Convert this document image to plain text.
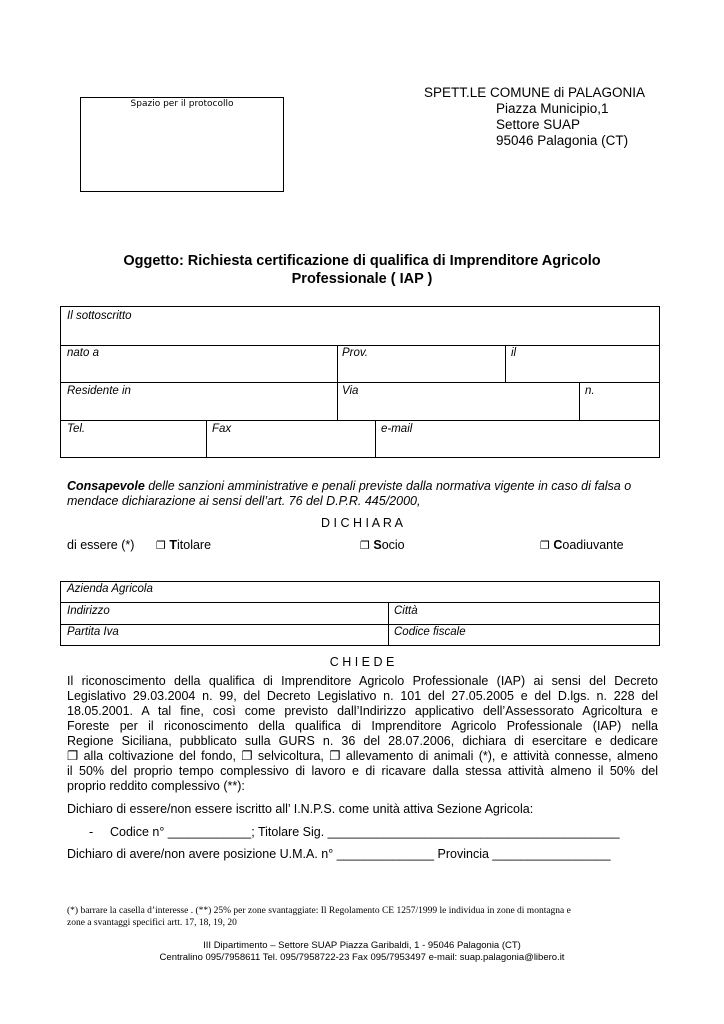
Spazio per il protocollo
SPETT.LE COMUNE di PALAGONIA
Piazza Municipio,1
Settore SUAP
95046 Palagonia (CT)
Oggetto: Richiesta certificazione di qualifica di Imprenditore Agricolo
Professionale ( IAP )
Il sottoscritto
nato a	Prov.	il
Residente in	Via	n.
Tel.	Fax	e-mail
Consapevole delle sanzioni amministrative e penali previste dalla normativa vigente in caso di falsa o
mendace dichiarazione ai sensi dell’art. 76 del D.P.R. 445/2000,
D I C H I A R A
di essere (*) ❐ Titolare	❐ Socio	❐ Coadiuvante
Azienda Agricola
Indirizzo	Città
Partita Iva	Codice fiscale
C H I E D E
Il riconoscimento della qualifica di Imprenditore Agricolo Professionale (IAP) ai sensi del Decreto
Legislativo 29.03.2004 n. 99, del Decreto Legislativo n. 101 del 27.05.2005 e del D.lgs. n. 228 del
18.05.2001. A tal fine, così come previsto dall’Indirizzo applicativo dell’Assessorato Agricoltura e
Foreste per il riconoscimento della qualifica di Imprenditore Agricolo Professionale (IAP) nella
Regione Siciliana, pubblicato sulla GURS n. 36 del 28.07.2006, dichiara di esercitare e dedicare
❐ alla coltivazione del fondo, ❐ selvicoltura, ❐ allevamento di animali (*), e attività connesse, almeno
il 50% del proprio tempo complessivo di lavoro e di ricavare dalla stessa attività almeno il 50% del
proprio reddito complessivo (**):
Dichiaro di essere/non essere iscritto all’ I.N.P.S. come unità attiva Sezione Agricola:
- Codice n° ____________; Titolare Sig. __________________________________________
Dichiaro di avere/non avere posizione U.M.A. n° ______________ Provincia _________________
(*) barrare la casella d’interesse . (**) 25% per zone svantaggiate: Il Regolamento CE 1257/1999 le individua in zone di montagna e
zone a svantaggi specifici artt. 17, 18, 19, 20
III Dipartimento – Settore SUAP Piazza Garibaldi, 1 - 95046 Palagonia (CT)
Centralino 095/7958611 Tel. 095/7958722-23 Fax 095/7953497 e-mail: suap.palagonia@libero.it
